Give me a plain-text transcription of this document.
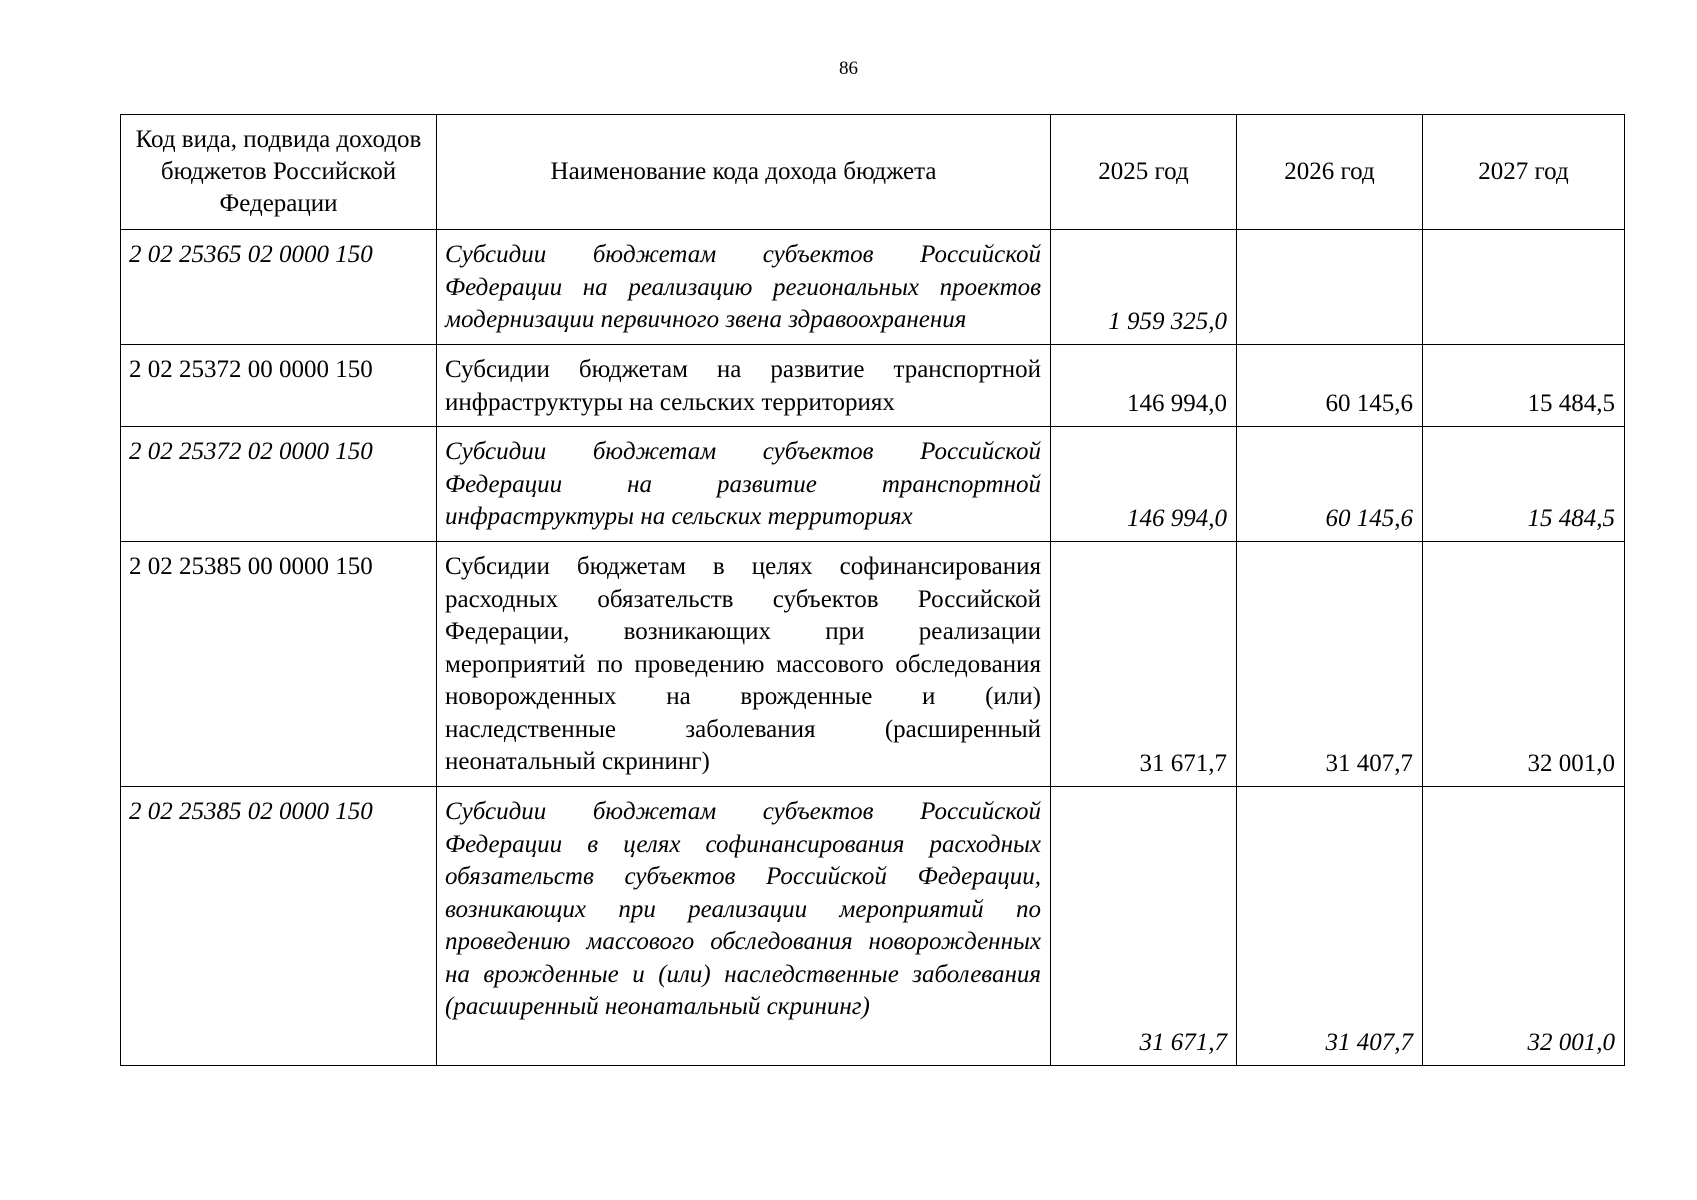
86
Код вида, подвида доходов бюджетов Российской Федерации	Наименование кода дохода бюджета	2025 год	2026 год	2027 год
2 02 25365 02 0000 150	Субсидии бюджетам субъектов Российской Федерации на реализацию региональных проектов модернизации первичного звена здравоохранения	1 959 325,0		
2 02 25372 00 0000 150	Субсидии бюджетам на развитие транспортной инфраструктуры на сельских территориях	146 994,0	60 145,6	15 484,5
2 02 25372 02 0000 150	Субсидии бюджетам субъектов Российской Федерации на развитие транспортной инфраструктуры на сельских территориях	146 994,0	60 145,6	15 484,5
2 02 25385 00 0000 150	Субсидии бюджетам в целях софинансирования расходных обязательств субъектов Российской Федерации, возникающих при реализации мероприятий по проведению массового обследования новорожденных на врожденные и (или) наследственные заболевания (расширенный неонатальный скрининг)	31 671,7	31 407,7	32 001,0
2 02 25385 02 0000 150	Субсидии бюджетам субъектов Российской Федерации в целях софинансирования расходных обязательств субъектов Российской Федерации, возникающих при реализации мероприятий по проведению массового обследования новорожденных на врожденные и (или) наследственные заболевания (расширенный неонатальный скрининг)	31 671,7	31 407,7	32 001,0
